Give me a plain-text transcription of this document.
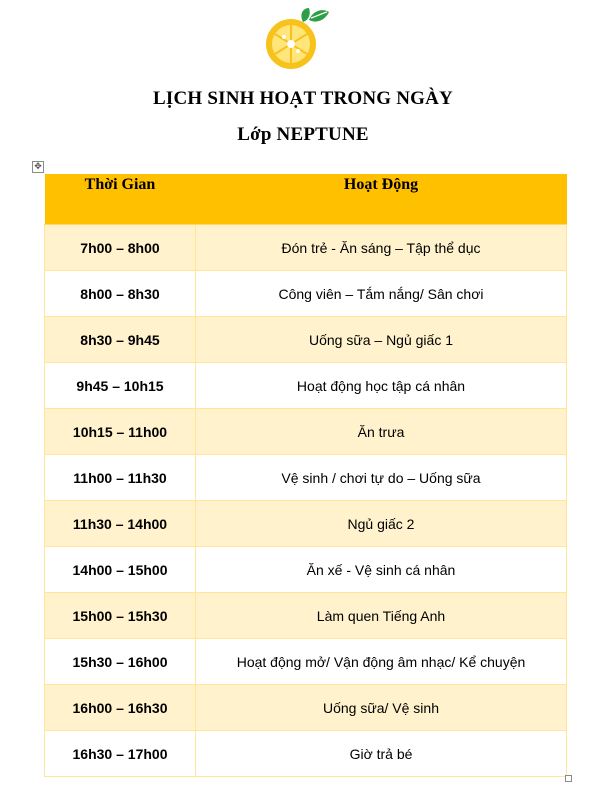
LỊCH SINH HOẠT TRONG NGÀY
Lớp NEPTUNE
✥
Thời Gian	Hoạt Động
7h00 – 8h00	Đón trẻ - Ăn sáng – Tập thể dục
8h00 – 8h30	Công viên – Tắm nắng/ Sân chơi
8h30 – 9h45	Uống sữa – Ngủ giấc 1
9h45 – 10h15	Hoạt động học tập cá nhân
10h15 – 11h00	Ăn trưa
11h00 – 11h30	Vệ sinh / chơi tự do – Uống sữa
11h30 – 14h00	Ngủ giấc 2
14h00 – 15h00	Ăn xế - Vệ sinh cá nhân
15h00 – 15h30	Làm quen Tiếng Anh
15h30 – 16h00	Hoạt động mở/ Vận động âm nhạc/ Kể chuyện
16h00 – 16h30	Uống sữa/ Vệ sinh
16h30 – 17h00	Giờ trả bé
